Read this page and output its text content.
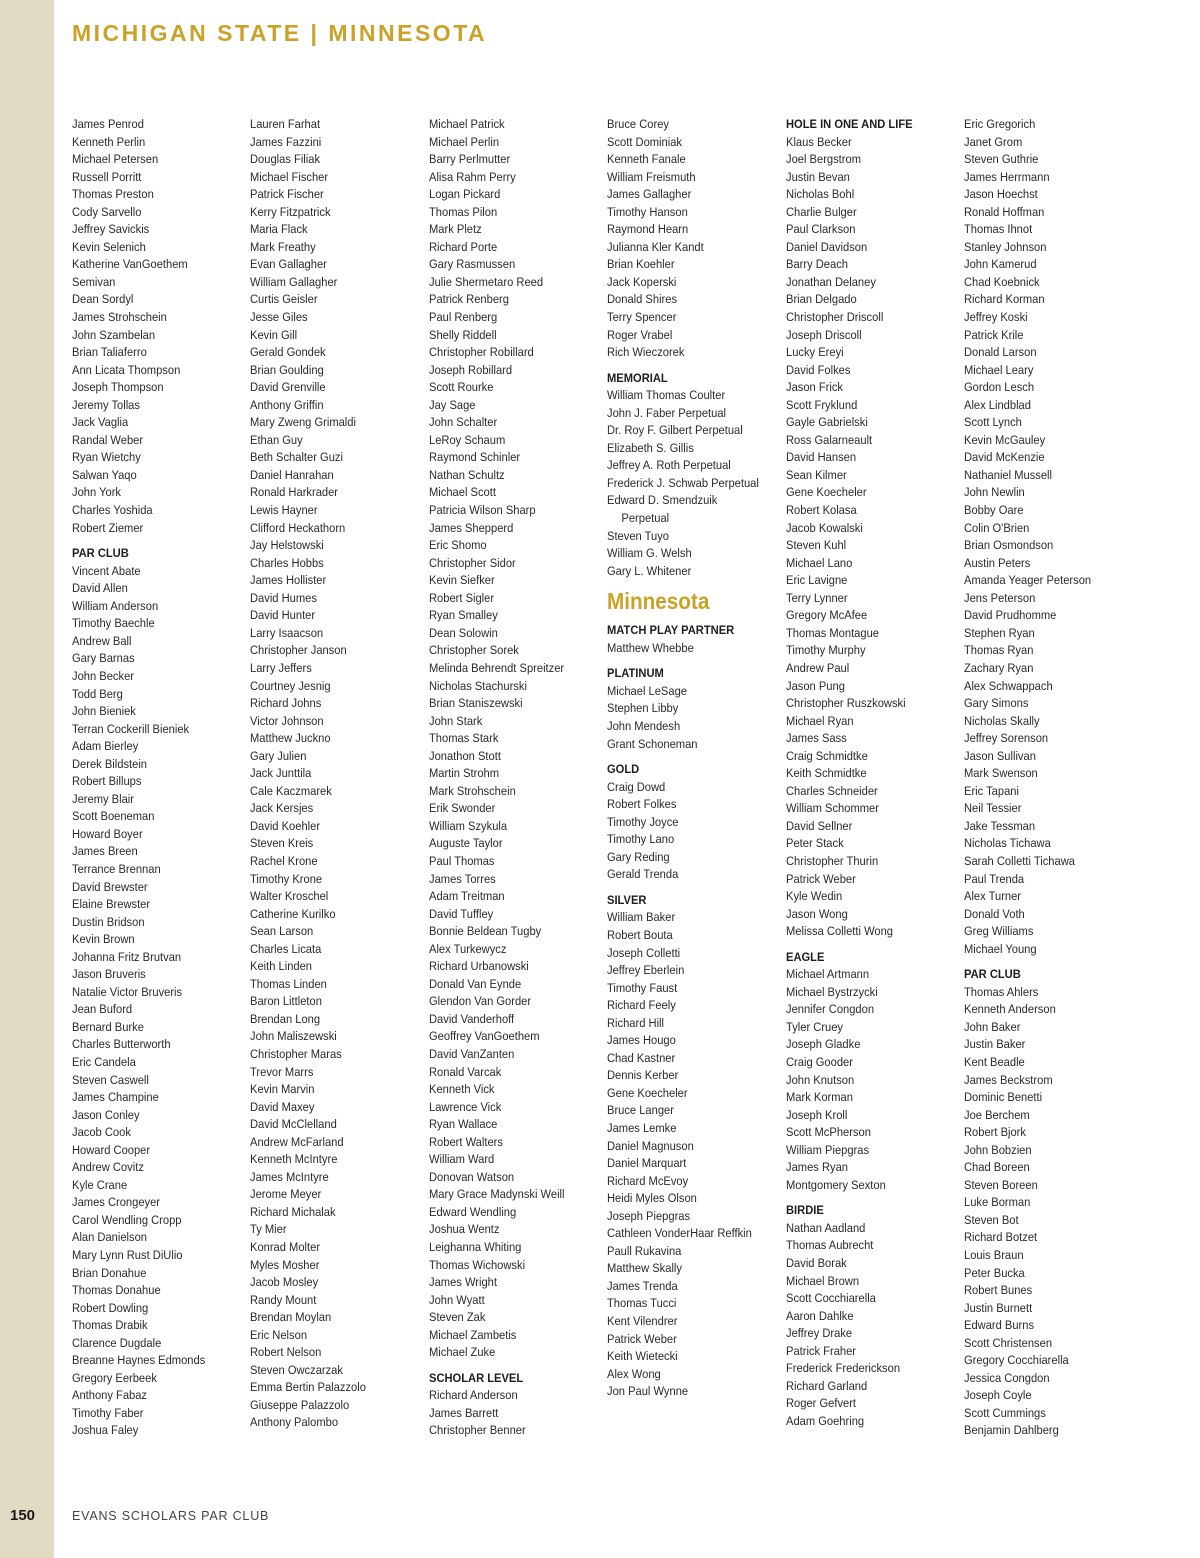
MICHIGAN STATE | MINNESOTA
James Penrod
Kenneth Perlin
Michael Petersen
Russell Porritt
Thomas Preston
Cody Sarvello
Jeffrey Savickis
Kevin Selenich
Katherine VanGoethem
Semivan
Dean Sordyl
James Strohschein
John Szambelan
Brian Taliaferro
Ann Licata Thompson
Joseph Thompson
Jeremy Tollas
Jack Vaglia
Randal Weber
Ryan Wietchy
Salwan Yaqo
John York
Charles Yoshida
Robert Ziemer
PAR CLUB
Vincent Abate
David Allen
William Anderson
Timothy Baechle
Andrew Ball
Gary Barnas
John Becker
Todd Berg
John Bieniek
Terran Cockerill Bieniek
Adam Bierley
Derek Bildstein
Robert Billups
Jeremy Blair
Scott Boeneman
Howard Boyer
James Breen
Terrance Brennan
David Brewster
Elaine Brewster
Dustin Bridson
Kevin Brown
Johanna Fritz Brutvan
Jason Bruveris
Natalie Victor Bruveris
Jean Buford
Bernard Burke
Charles Butterworth
Eric Candela
Steven Caswell
James Champine
Jason Conley
Jacob Cook
Howard Cooper
Andrew Covitz
Kyle Crane
James Crongeyer
Carol Wendling Cropp
Alan Danielson
Mary Lynn Rust DiUlio
Brian Donahue
Thomas Donahue
Robert Dowling
Thomas Drabik
Clarence Dugdale
Breanne Haynes Edmonds
Gregory Eerbeek
Anthony Fabaz
Timothy Faber
Joshua Faley
Lauren Farhat
James Fazzini
Douglas Filiak
Michael Fischer
Patrick Fischer
Kerry Fitzpatrick
Maria Flack
Mark Freathy
Evan Gallagher
William Gallagher
Curtis Geisler
Jesse Giles
Kevin Gill
Gerald Gondek
Brian Goulding
David Grenville
Anthony Griffin
Mary Zweng Grimaldi
Ethan Guy
Beth Schalter Guzi
Daniel Hanrahan
Ronald Harkrader
Lewis Hayner
Clifford Heckathorn
Jay Helstowski
Charles Hobbs
James Hollister
David Humes
David Hunter
Larry Isaacson
Christopher Janson
Larry Jeffers
Courtney Jesnig
Richard Johns
Victor Johnson
Matthew Juckno
Gary Julien
Jack Junttila
Cale Kaczmarek
Jack Kersjes
David Koehler
Steven Kreis
Rachel Krone
Timothy Krone
Walter Kroschel
Catherine Kurilko
Sean Larson
Charles Licata
Keith Linden
Thomas Linden
Baron Littleton
Brendan Long
John Maliszewski
Christopher Maras
Trevor Marrs
Kevin Marvin
David Maxey
David McClelland
Andrew McFarland
Kenneth McIntyre
James McIntyre
Jerome Meyer
Richard Michalak
Ty Mier
Konrad Molter
Myles Mosher
Jacob Mosley
Randy Mount
Brendan Moylan
Eric Nelson
Robert Nelson
Steven Owczarzak
Emma Bertin Palazzolo
Giuseppe Palazzolo
Anthony Palombo
Michael Patrick
Michael Perlin
Barry Perlmutter
Alisa Rahm Perry
Logan Pickard
Thomas Pilon
Mark Pletz
Richard Porte
Gary Rasmussen
Julie Shermetaro Reed
Patrick Renberg
Paul Renberg
Shelly Riddell
Christopher Robillard
Joseph Robillard
Scott Rourke
Jay Sage
John Schalter
LeRoy Schaum
Raymond Schinler
Nathan Schultz
Michael Scott
Patricia Wilson Sharp
James Shepperd
Eric Shomo
Christopher Sidor
Kevin Siefker
Robert Sigler
Ryan Smalley
Dean Solowin
Christopher Sorek
Melinda Behrendt Spreitzer
Nicholas Stachurski
Brian Staniszewski
John Stark
Thomas Stark
Jonathon Stott
Martin Strohm
Mark Strohschein
Erik Swonder
William Szykula
Auguste Taylor
Paul Thomas
James Torres
Adam Treitman
David Tuffley
Bonnie Beldean Tugby
Alex Turkewycz
Richard Urbanowski
Donald Van Eynde
Glendon Van Gorder
David Vanderhoff
Geoffrey VanGoethem
David VanZanten
Ronald Varcak
Kenneth Vick
Lawrence Vick
Ryan Wallace
Robert Walters
William Ward
Donovan Watson
Mary Grace Madynski Weill
Edward Wendling
Joshua Wentz
Leighanna Whiting
Thomas Wichowski
James Wright
John Wyatt
Steven Zak
Michael Zambetis
Michael Zuke
SCHOLAR LEVEL
Richard Anderson
James Barrett
Christopher Benner
Bruce Corey
Scott Dominiak
Kenneth Fanale
William Freismuth
James Gallagher
Timothy Hanson
Raymond Hearn
Julianna Kler Kandt
Brian Koehler
Jack Koperski
Donald Shires
Terry Spencer
Roger Vrabel
Rich Wieczorek
MEMORIAL
William Thomas Coulter
John J. Faber Perpetual
Dr. Roy F. Gilbert Perpetual
Elizabeth S. Gillis
Jeffrey A. Roth Perpetual
Frederick J. Schwab Perpetual
Edward D. Smendzuik
Perpetual
Steven Tuyo
William G. Welsh
Gary L. Whitener
Minnesota
MATCH PLAY PARTNER
Matthew Whebbe
PLATINUM
Michael LeSage
Stephen Libby
John Mendesh
Grant Schoneman
GOLD
Craig Dowd
Robert Folkes
Timothy Joyce
Timothy Lano
Gary Reding
Gerald Trenda
SILVER
William Baker
Robert Bouta
Joseph Colletti
Jeffrey Eberlein
Timothy Faust
Richard Feely
Richard Hill
James Hougo
Chad Kastner
Dennis Kerber
Gene Koecheler
Bruce Langer
James Lemke
Daniel Magnuson
Daniel Marquart
Richard McEvoy
Heidi Myles Olson
Joseph Piepgras
Cathleen VonderHaar Reffkin
Paull Rukavina
Matthew Skally
James Trenda
Thomas Tucci
Kent Vilendrer
Patrick Weber
Keith Wietecki
Alex Wong
Jon Paul Wynne
HOLE IN ONE AND LIFE
Klaus Becker
Joel Bergstrom
Justin Bevan
Nicholas Bohl
Charlie Bulger
Paul Clarkson
Daniel Davidson
Barry Deach
Jonathan Delaney
Brian Delgado
Christopher Driscoll
Joseph Driscoll
Lucky Ereyi
David Folkes
Jason Frick
Scott Fryklund
Gayle Gabrielski
Ross Galarneault
David Hansen
Sean Kilmer
Gene Koecheler
Robert Kolasa
Jacob Kowalski
Steven Kuhl
Michael Lano
Eric Lavigne
Terry Lynner
Gregory McAfee
Thomas Montague
Timothy Murphy
Andrew Paul
Jason Pung
Christopher Ruszkowski
Michael Ryan
James Sass
Craig Schmidtke
Keith Schmidtke
Charles Schneider
William Schommer
David Sellner
Peter Stack
Christopher Thurin
Patrick Weber
Kyle Wedin
Jason Wong
Melissa Colletti Wong
EAGLE
Michael Artmann
Michael Bystrzycki
Jennifer Congdon
Tyler Cruey
Joseph Gladke
Craig Gooder
John Knutson
Mark Korman
Joseph Kroll
Scott McPherson
William Piepgras
James Ryan
Montgomery Sexton
BIRDIE
Nathan Aadland
Thomas Aubrecht
David Borak
Michael Brown
Scott Cocchiarella
Aaron Dahlke
Jeffrey Drake
Patrick Fraher
Frederick Frederickson
Richard Garland
Roger Gefvert
Adam Goehring
Eric Gregorich
Janet Grom
Steven Guthrie
James Herrmann
Jason Hoechst
Ronald Hoffman
Thomas Ihnot
Stanley Johnson
John Kamerud
Chad Koebnick
Richard Korman
Jeffrey Koski
Patrick Krile
Donald Larson
Michael Leary
Gordon Lesch
Alex Lindblad
Scott Lynch
Kevin McGauley
David McKenzie
Nathaniel Mussell
John Newlin
Bobby Oare
Colin O'Brien
Brian Osmondson
Austin Peters
Amanda Yeager Peterson
Jens Peterson
David Prudhomme
Stephen Ryan
Thomas Ryan
Zachary Ryan
Alex Schwappach
Gary Simons
Nicholas Skally
Jeffrey Sorenson
Jason Sullivan
Mark Swenson
Eric Tapani
Neil Tessier
Jake Tessman
Nicholas Tichawa
Sarah Colletti Tichawa
Paul Trenda
Alex Turner
Donald Voth
Greg Williams
Michael Young
PAR CLUB
Thomas Ahlers
Kenneth Anderson
John Baker
Justin Baker
Kent Beadle
James Beckstrom
Dominic Benetti
Joe Berchem
Robert Bjork
John Bobzien
Chad Boreen
Steven Boreen
Luke Borman
Steven Bot
Richard Botzet
Louis Braun
Peter Bucka
Robert Bunes
Justin Burnett
Edward Burns
Scott Christensen
Gregory Cocchiarella
Jessica Congdon
Joseph Coyle
Scott Cummings
Benjamin Dahlberg
150	EVANS SCHOLARS PAR CLUB
